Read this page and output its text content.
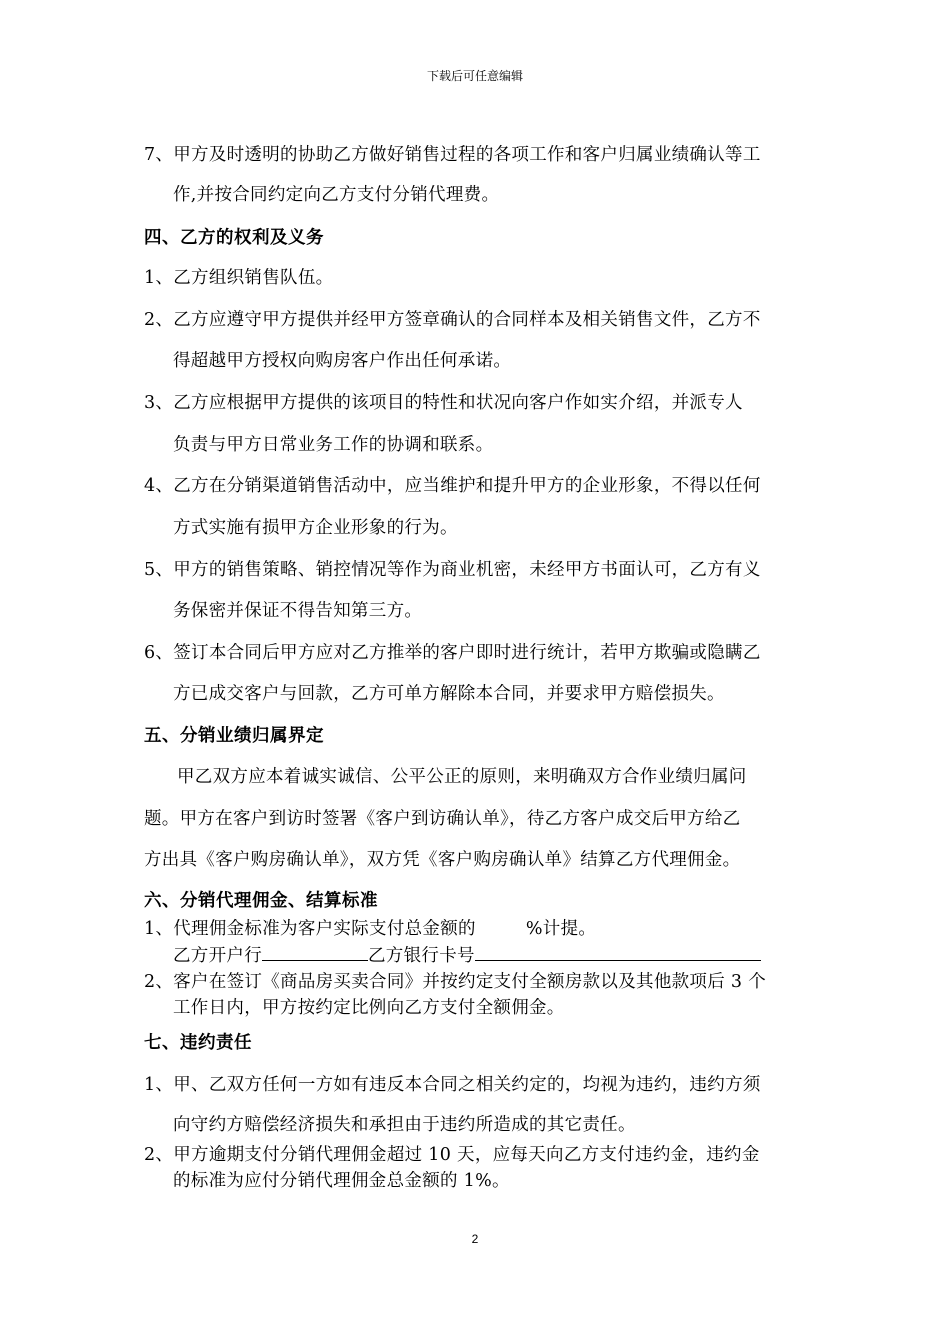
下载后可任意编辑
7、甲方及时透明的协助乙方做好销售过程的各项工作和客户归属业绩确认等工
作,并按合同约定向乙方支付分销代理费。
四、乙方的权利及义务
1、乙方组织销售队伍。
2、乙方应遵守甲方提供并经甲方签章确认的合同样本及相关销售文件，乙方不
得超越甲方授权向购房客户作出任何承诺。
3、乙方应根据甲方提供的该项目的特性和状况向客户作如实介绍，并派专人
负责与甲方日常业务工作的协调和联系。
4、乙方在分销渠道销售活动中，应当维护和提升甲方的企业形象，不得以任何
方式实施有损甲方企业形象的行为。
5、甲方的销售策略、销控情况等作为商业机密，未经甲方书面认可，乙方有义
务保密并保证不得告知第三方。
6、签订本合同后甲方应对乙方推举的客户即时进行统计，若甲方欺骗或隐瞒乙
方已成交客户与回款，乙方可单方解除本合同，并要求甲方赔偿损失。
五、分销业绩归属界定
甲乙双方应本着诚实诚信、公平公正的原则，来明确双方合作业绩归属问
题。甲方在客户到访时签署《客户到访确认单》，待乙方客户成交后甲方给乙
方出具《客户购房确认单》，双方凭《客户购房确认单》结算乙方代理佣金。
六、分销代理佣金、结算标准
1、代理佣金标准为客户实际支付总金额的	%计提。
乙方开户行	乙方银行卡号
2、客户在签订《商品房买卖合同》并按约定支付全额房款以及其他款项后 3 个
工作日内，甲方按约定比例向乙方支付全额佣金。
七、违约责任
1、甲、乙双方任何一方如有违反本合同之相关约定的，均视为违约，违约方须
向守约方赔偿经济损失和承担由于违约所造成的其它责任。
2、甲方逾期支付分销代理佣金超过 10 天，应每天向乙方支付违约金，违约金
的标准为应付分销代理佣金总金额的 1%。
2
